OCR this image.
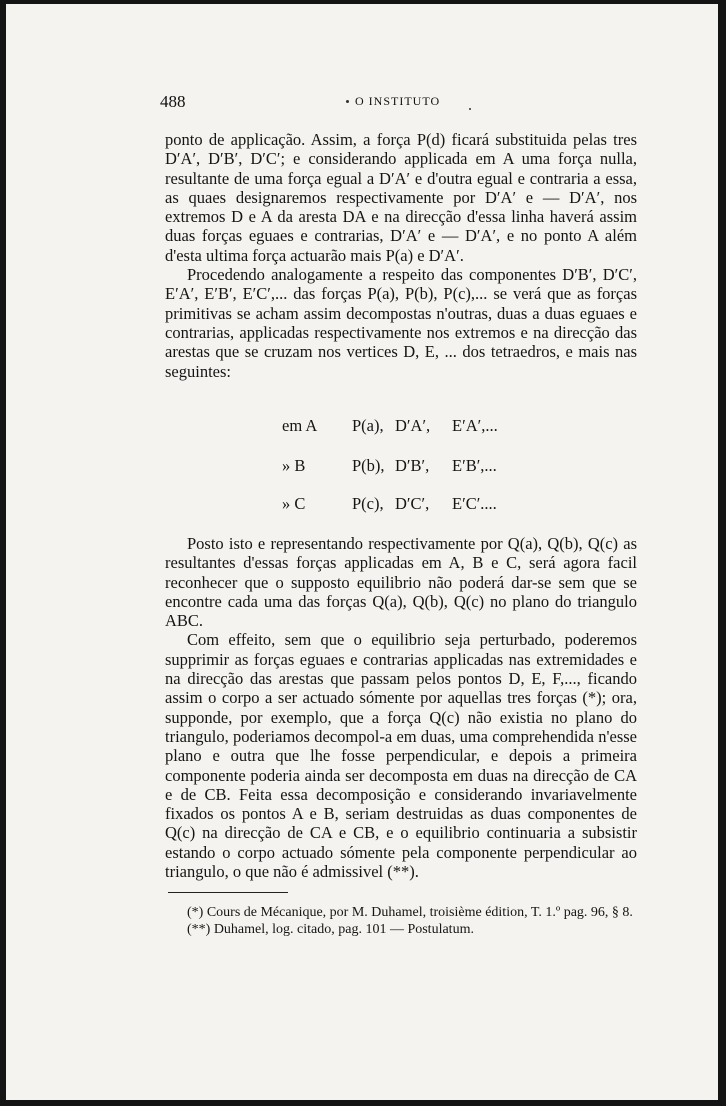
488	O INSTITUTO

ponto de applicação. Assim, a força P(d) ficará substituida pelas tres D′A′, D′B′, D′C′; e considerando applicada em A uma força nulla, resultante de uma força egual a D′A′ e d'outra egual e contraria a essa, as quaes designaremos respectivamente por D′A′ e — D′A′, nos extremos D e A da aresta DA e na direcção d'essa linha haverá assim duas forças eguaes e contrarias, D′A′ e — D′A′, e no ponto A além d'esta ultima força actuarão mais P(a) e D′A′.

Procedendo analogamente a respeito das componentes D′B′, D′C′, E′A′, E′B′, E′C′,... das forças P(a), P(b), P(c),... se verá que as forças primitivas se acham assim decompostas n'outras, duas a duas eguaes e contrarias, applicadas respectivamente nos extremos e na direcção das arestas que se cruzam nos vertices D, E, ... dos tetraedros, e mais nas seguintes:

em A P(a), D′A′, E′A′,...
» B	P(b), D′B′, E′B′,...
» C	P(c), D′C′, E′C′....

Posto isto e representando respectivamente por Q(a), Q(b), Q(c) as resultantes d'essas forças applicadas em A, B e C, será agora facil reconhecer que o supposto equilibrio não poderá dar-se sem que se encontre cada uma das forças Q(a), Q(b), Q(c) no plano do triangulo ABC.

Com effeito, sem que o equilibrio seja perturbado, poderemos supprimir as forças eguaes e contrarias applicadas nas extremidades e na direcção das arestas que passam pelos pontos D, E, F,..., ficando assim o corpo a ser actuado sómente por aquellas tres forças (*); ora, supponde, por exemplo, que a força Q(c) não existia no plano do triangulo, poderiamos decompol-a em duas, uma comprehendida n'esse plano e outra que lhe fosse perpendicular, e depois a primeira componente poderia ainda ser decomposta em duas na direcção de CA e de CB. Feita essa decomposição e considerando invariavelmente fixados os pontos A e B, seriam destruidas as duas componentes de Q(c) na direcção de CA e CB, e o equilibrio continuaria a subsistir estando o corpo actuado sómente pela componente perpendicular ao triangulo, o que não é admissivel (**).

(*) Cours de Mécanique, por M. Duhamel, troisième édition, T. 1.º pag. 96, § 8.

(**) Duhamel, log. citado, pag. 101 — Postulatum.
